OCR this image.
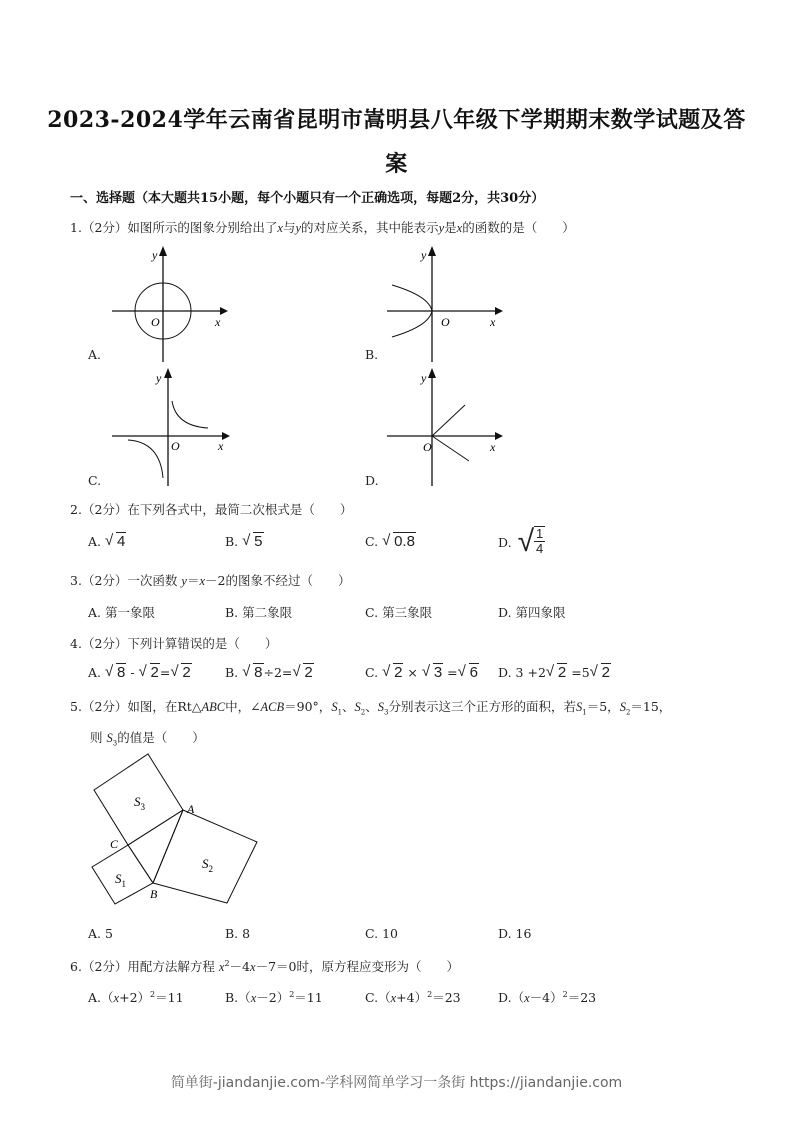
2023-2024学年云南省昆明市嵩明县八年级下学期期末数学试题及答
案
一、选择题（本大题共15小题，每个小题只有一个正确选项，每题2分，共30分）
1.（2分）如图所示的图象分别给出了x与y的对应关系，其中能表示y是x的函数的是（　　）
y
x
O
A.
y
x
O
B.
y
x
O
C.
y
x
O
D.
2.（2分）在下列各式中，最简二次根式是（　　）
A. √ 4	B. √ 5	C. √ 0.8	D. √ $\frac{1}{4}$
3.（2分）一次函数 y＝x－2的图象不经过（　　）
A. 第一象限	B. 第二象限	C. 第三象限	D. 第四象限
4.（2分）下列计算错误的是（　　）
A. √ 8 - √ 2= √ 2	B. √ 8÷2= √ 2	C. √ 2 × √ 3 = √ 6 D. 3 +2 √ 2 =5 √ 2
5.（2分）如图，在Rt△ABC中，∠ACB＝90°，$S_1$、$S_2$、$S_3$分别表示这三个正方形的面积，若$S_1=5$，$S_2=15$，
则 $S_3$的值是（　　）
A
B
C
$S_3$
$S_2$
$S_1$
A. 5	B. 8	C. 10	D. 16
6.（2分）用配方法解方程 $x^2-4x-7=0$时，原方程应变形为（　　）
$A.(x+2)^2=11$	$B.(x-2)^2=11$	$C.(x+4)^2=23$	$D.(x-4)^2=23$
简单街-jiandanjie.com-学科网简单学习一条街 https://jiandanjie.com
